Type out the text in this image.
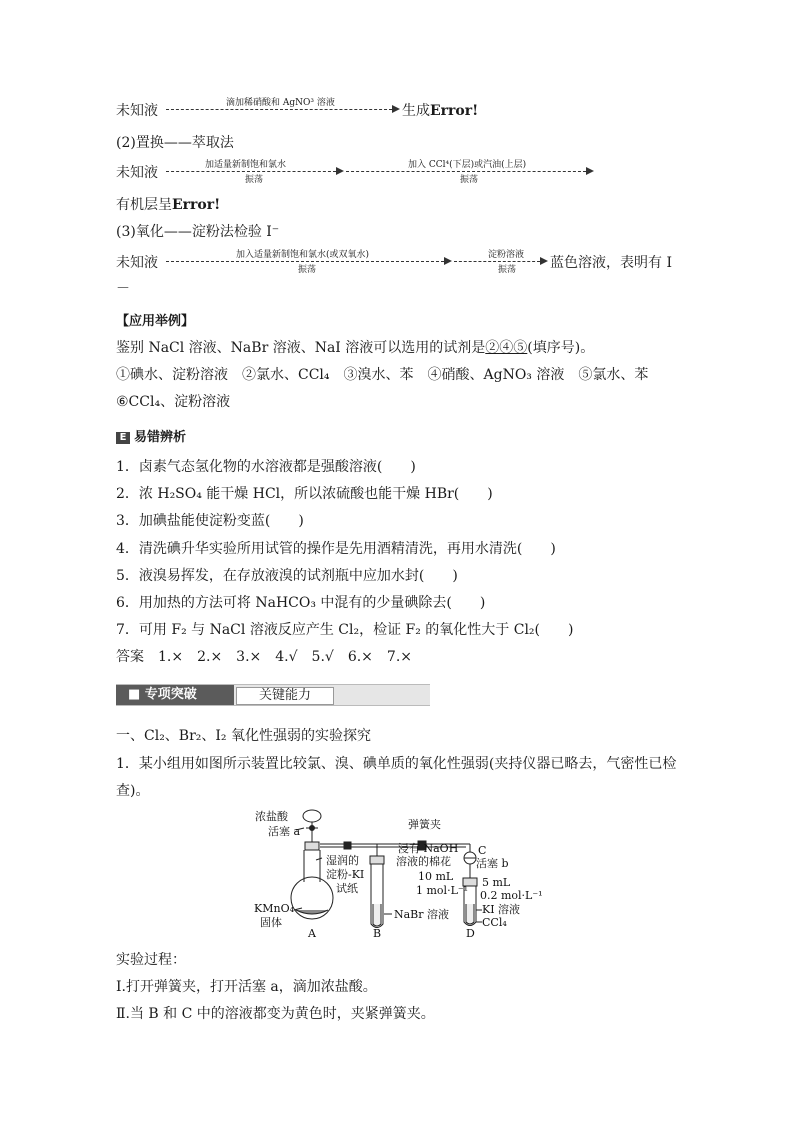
未知液	滴加稀硝酸和 AgNO³ 溶液	生成Error!
(2)置换——萃取法
未知液	加适量新制饱和氯水
振荡
加入 CCl⁴(下层)或汽油(上层)
振荡
有机层呈Error!
(3)氧化——淀粉法检验 I⁻
未知液	加入适量新制饱和氯水(或双氧水)
振荡
淀粉溶液
振荡 蓝色溶液，表明有 I
－
【应用举例】
鉴别 NaCl 溶液、NaBr 溶液、NaI 溶液可以选用的试剂是②④⑤(填序号)。
①碘水、淀粉溶液　②氯水、CCl₄　③溴水、苯　④硝酸、AgNO₃ 溶液　⑤氯水、苯
⑥CCl₄、淀粉溶液
E 易错辨析
1．卤素气态氢化物的水溶液都是强酸溶液(　　)
2．浓 H₂SO₄ 能干燥 HCl，所以浓硫酸也能干燥 HBr(　　)
3．加碘盐能使淀粉变蓝(　　)
4．清洗碘升华实验所用试管的操作是先用酒精清洗，再用水清洗(　　)
5．液溴易挥发，在存放液溴的试剂瓶中应加水封(　　)
6．用加热的方法可将 NaHCO₃ 中混有的少量碘除去(　　)
7．可用 F₂ 与 NaCl 溶液反应产生 Cl₂，检证 F₂ 的氧化性大于 Cl₂(　　)
答案　1.×　2.×　3.×　4.√　5.√　6.×　7.×
■ 专项突破	关键能力
一、Cl₂、Br₂、I₂ 氧化性强弱的实验探究
1．某小组用如图所示装置比较氯、溴、碘单质的氧化性强弱(夹持仪器已略去，气密性已检
查)。
浓盐酸
活塞 a
弹簧夹
湿润的
淀粉-KI
试纸
KMnO₄
固体
浸有 NaOH
溶液的棉花
C
活塞 b
10 mL
1 mol·L⁻¹
NaBr 溶液
5 mL
0.2 mol·L⁻¹
KI 溶液
CCl₄
A	B	D
实验过程：
Ⅰ.打开弹簧夹，打开活塞 a，滴加浓盐酸。
Ⅱ.当 B 和 C 中的溶液都变为黄色时，夹紧弹簧夹。
